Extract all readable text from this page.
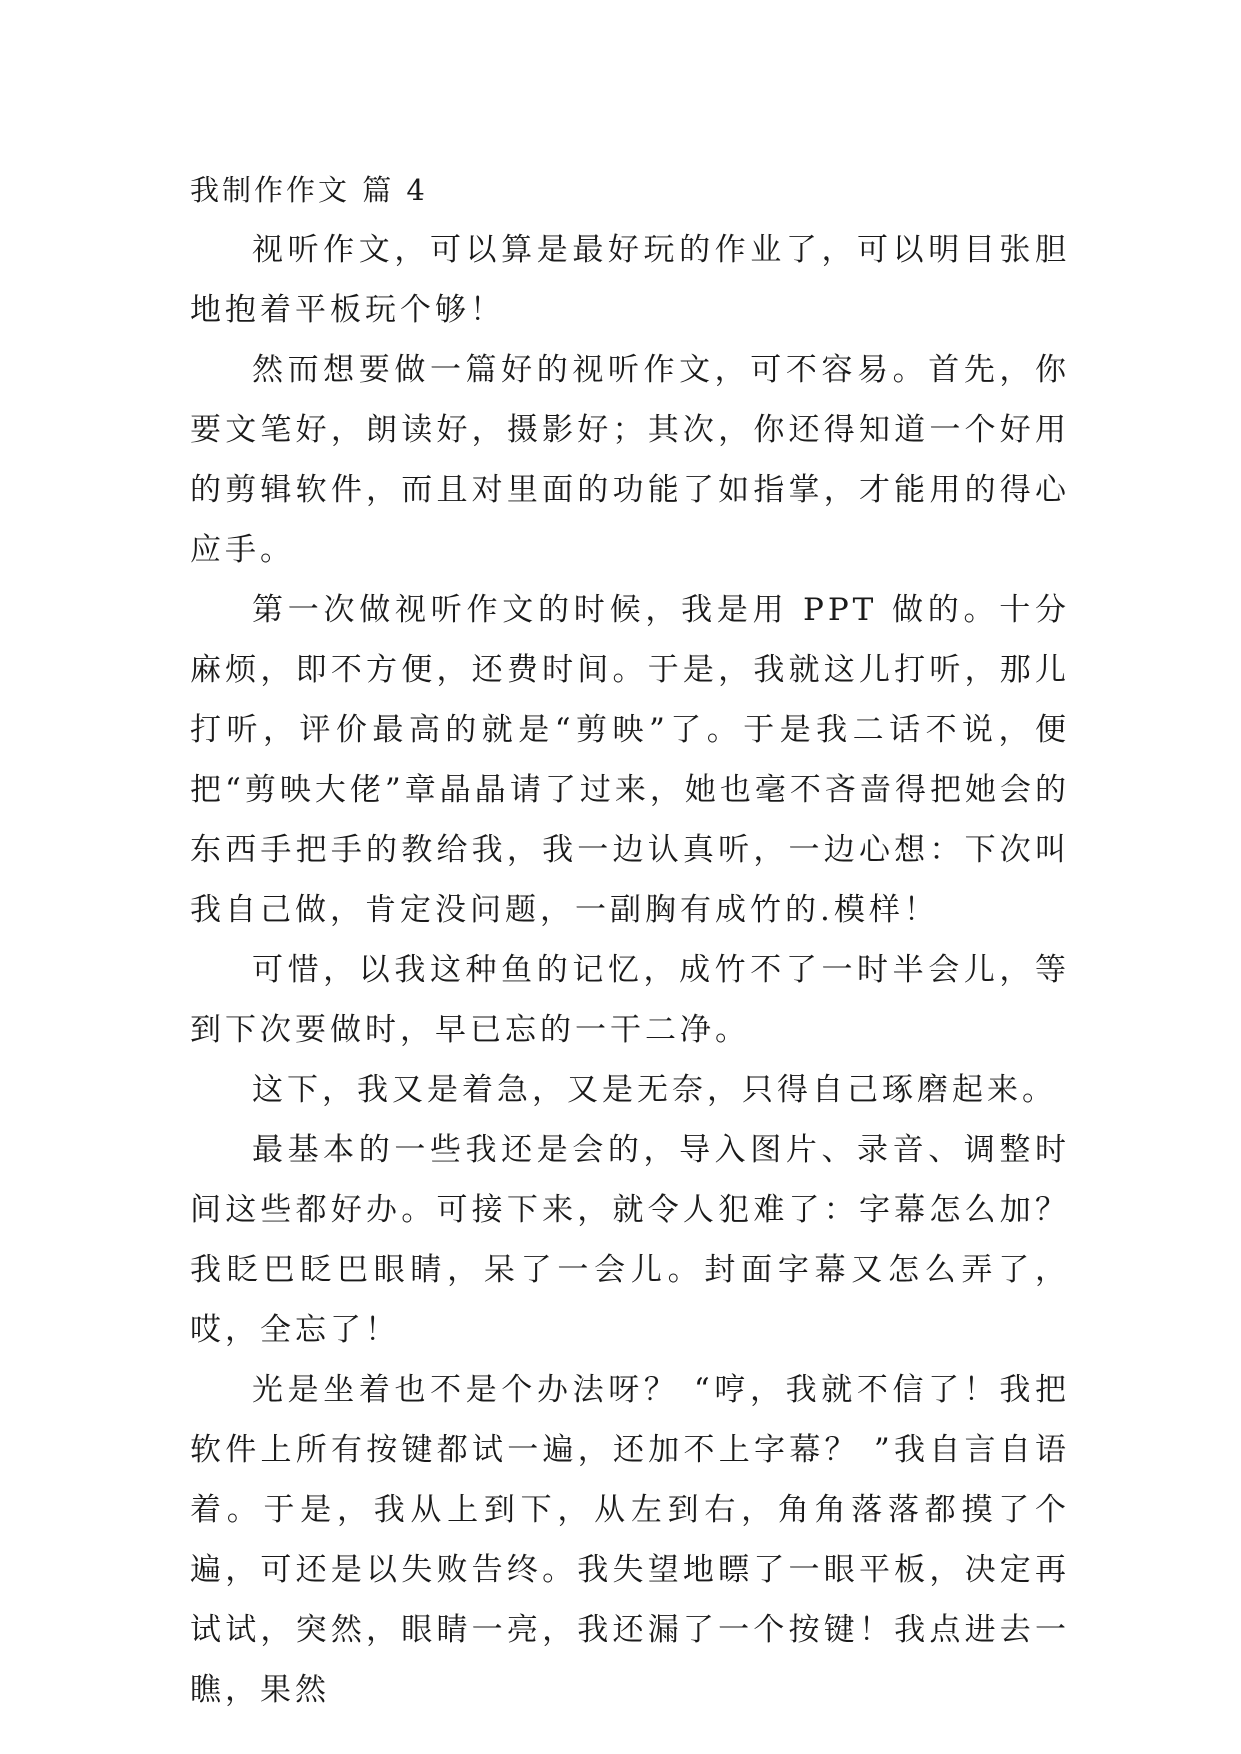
我制作作文 篇 4

视听作文，可以算是最好玩的作业了，可以明目张胆地抱着平板玩个够！

然而想要做一篇好的视听作文，可不容易。首先，你要文笔好，朗读好，摄影好；其次，你还得知道一个好用的剪辑软件，而且对里面的功能了如指掌，才能用的得心应手。

第一次做视听作文的时候，我是用 PPT 做的。十分麻烦，即不方便，还费时间。于是，我就这儿打听，那儿打听，评价最高的就是“剪映”了。于是我二话不说，便把“剪映大佬”章晶晶请了过来，她也毫不吝啬得把她会的东西手把手的教给我，我一边认真听，一边心想：下次叫我自己做，肯定没问题，一副胸有成竹的.模样！

可惜，以我这种鱼的记忆，成竹不了一时半会儿，等到下次要做时，早已忘的一干二净。

这下，我又是着急，又是无奈，只得自己琢磨起来。

最基本的一些我还是会的，导入图片、录音、调整时间这些都好办。可接下来，就令人犯难了：字幕怎么加？我眨巴眨巴眼睛，呆了一会儿。封面字幕又怎么弄了，哎，全忘了！

光是坐着也不是个办法呀？ “哼，我就不信了！我把软件上所有按键都试一遍，还加不上字幕？ ”我自言自语着。于是，我从上到下，从左到右，角角落落都摸了个遍，可还是以失败告终。我失望地瞟了一眼平板，决定再试试，突然，眼睛一亮，我还漏了一个按键！我点进去一瞧，果然
